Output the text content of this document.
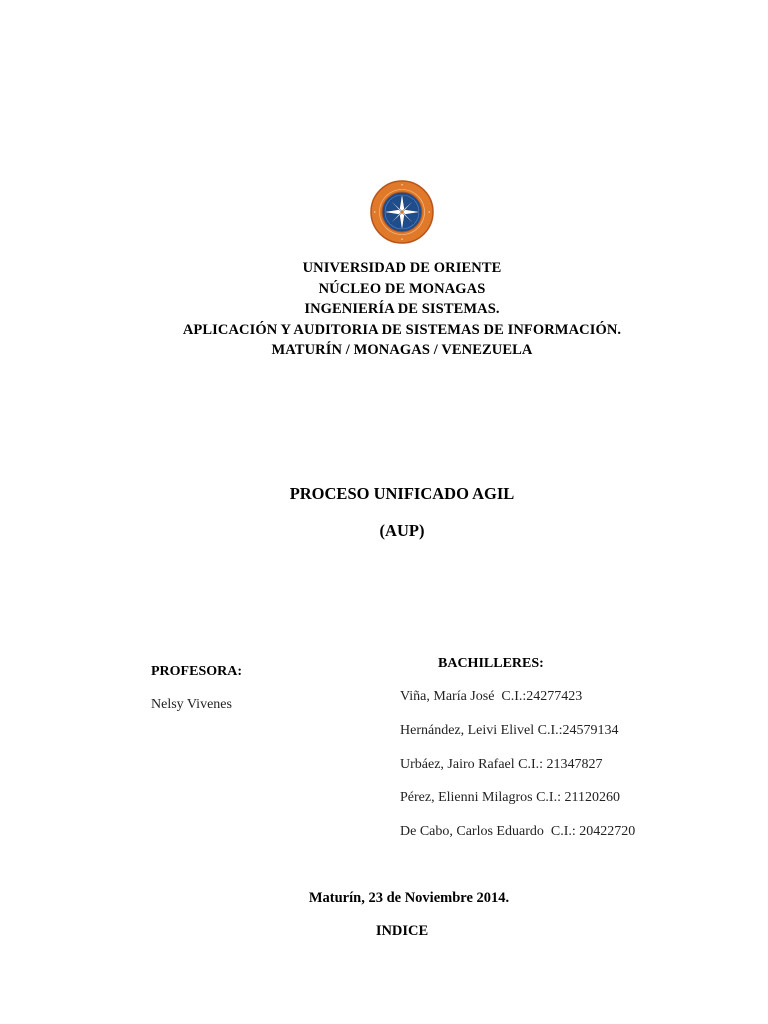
UNIVERSIDAD DE ORIENTE
NÚCLEO DE MONAGAS
INGENIERÍA DE SISTEMAS.
APLICACIÓN Y AUDITORIA DE SISTEMAS DE INFORMACIÓN.
MATURÍN / MONAGAS / VENEZUELA
PROCESO UNIFICADO AGIL
(AUP)
PROFESORA:
Nelsy Vivenes
BACHILLERES:
Viña, María José  C.I.:24277423
Hernández, Leivi Elivel C.I.:24579134
Urbáez, Jairo Rafael C.I.: 21347827
Pérez, Elienni Milagros C.I.: 21120260
De Cabo, Carlos Eduardo  C.I.: 20422720
Maturín, 23 de Noviembre 2014.
INDICE
